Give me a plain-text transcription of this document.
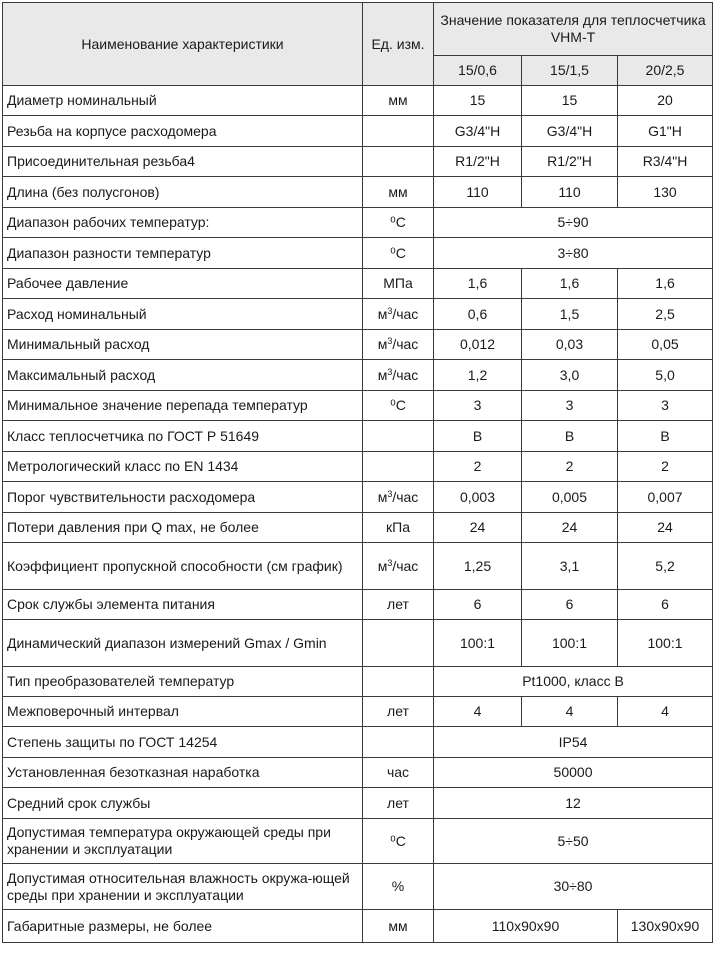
Наименование характеристики	Ед. изм.	Значение показателя для теплосчетчика VHM-T		
		15/0,6	15/1,5	20/2,5
Диаметр номинальный	мм	15	15	20
Резьба на корпусе расходомера		G3/4"H	G3/4"H	G1"H
Присоединительная резьба4		R1/2"H	R1/2"H	R3/4"H
Длина (без полусгонов)	мм	110	110	130
Диапазон рабочих температур:	⁰С	5÷90		
Диапазон разности температур	⁰С	3÷80		
Рабочее давление	МПа	1,6	1,6	1,6
Расход номинальный	$м^3$/час	0,6	1,5	2,5
Минимальный расход	$м^3$/час	0,012	0,03	0,05
Максимальный расход	$м^3$/час	1,2	3,0	5,0
Минимальное значение перепада температур	⁰С	3	3	3
Класс теплосчетчика по ГОСТ Р 51649		В	В	В
Метрологический класс по EN 1434		2	2	2
Порог чувствительности расходомера	$м^3$/час	0,003	0,005	0,007
Потери давления при Q max, не более	кПа	24	24	24
Коэффициент пропускной способности (см график)	$м^3$/час	1,25	3,1	5,2
Срок службы элемента питания	лет	6	6	6
Динамический диапазон измерений Gmax / Gmin		100:1	100:1	100:1
Тип преобразователей температур		Pt1000, класс B		
Межповерочный интервал	лет	4	4	4
Степень защиты по ГОСТ 14254		IP54		
Установленная безотказная наработка	час	50000		
Средний срок службы	лет	12		
Допустимая температура окружающей среды при хранении и эксплуатации	⁰С	5÷50		
Допустимая относительная влажность окружа-ющей среды при хранении и эксплуатации	%	30÷80		
Габаритные размеры, не более	мм	110x90x90		130x90x90
